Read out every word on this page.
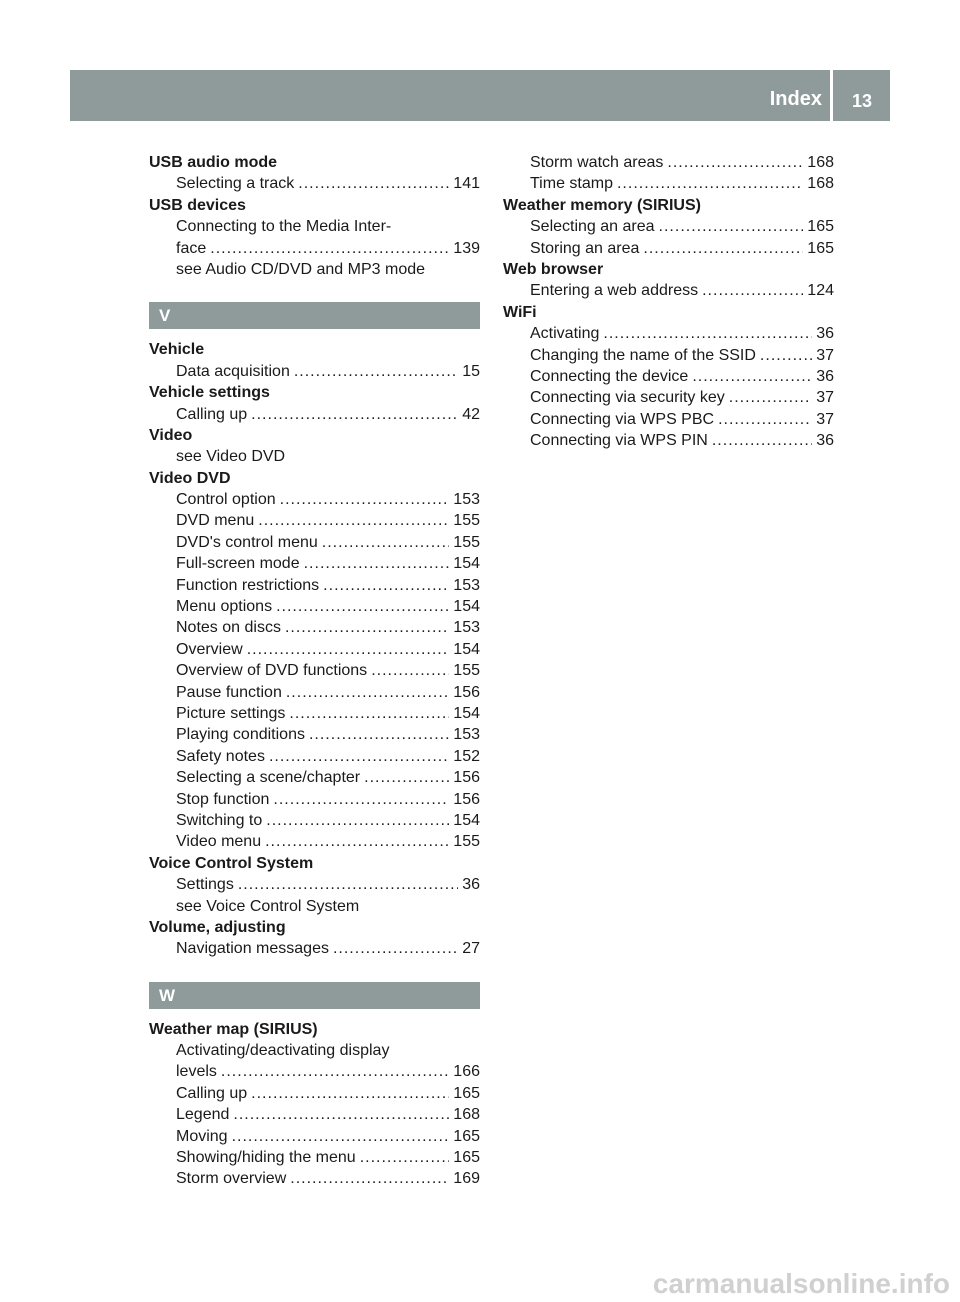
Index 13
USB audio mode
Selecting a track .....	141
USB devices
Connecting to the Media Inter-
face .....	139
see Audio CD/DVD and MP3 mode
V
Vehicle
Data acquisition .....	15
Vehicle settings
Calling up .....	42
Video
see Video DVD
Video DVD
Control option .....	153
DVD menu .....	155
DVD's control menu .....	155
Full-screen mode .....	154
Function restrictions .....	153
Menu options .....	154
Notes on discs .....	153
Overview .....	154
Overview of DVD functions .....	155
Pause function .....	156
Picture settings .....	154
Playing conditions .....	153
Safety notes .....	152
Selecting a scene/chapter .....	156
Stop function .....	156
Switching to .....	154
Video menu .....	155
Voice Control System
Settings .....	36
see Voice Control System
Volume, adjusting
Navigation messages .....	27
W
Weather map (SIRIUS)
Activating/deactivating display
levels .....	166
Calling up .....	165
Legend .....	168
Moving .....	165
Showing/hiding the menu .....	165
Storm overview .....	169
Storm watch areas .....	168
Time stamp .....	168
Weather memory (SIRIUS)
Selecting an area .....	165
Storing an area .....	165
Web browser
Entering a web address .....	124
WiFi
Activating .....	36
Changing the name of the SSID .....	37
Connecting the device .....	36
Connecting via security key .....	37
Connecting via WPS PBC .....	37
Connecting via WPS PIN .....	36
carmanualsonline.info
